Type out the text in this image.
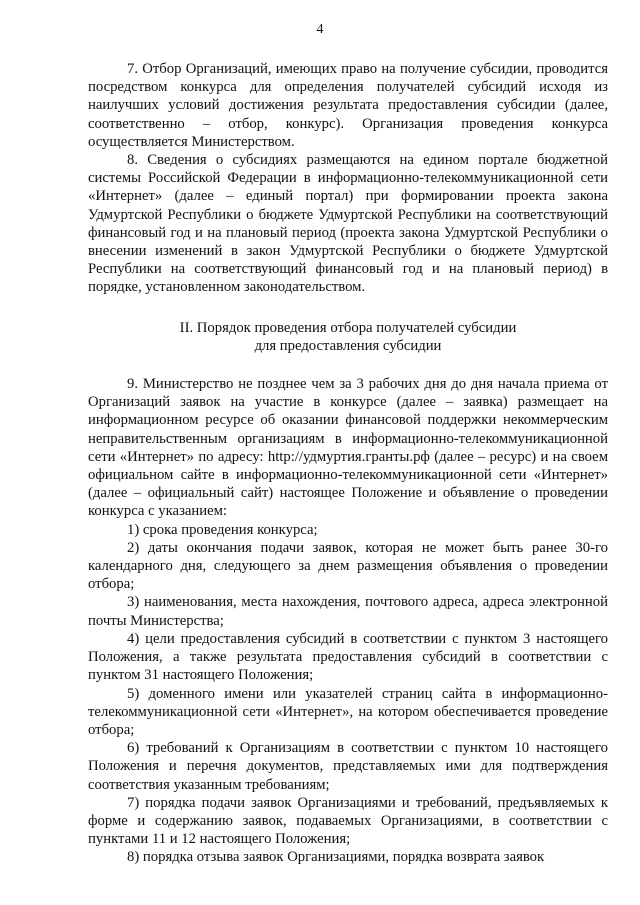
4

7. Отбор Организаций, имеющих право на получение субсидии, проводится посредством конкурса для определения получателей субсидий исходя из наилучших условий достижения результата предоставления субсидии (далее, соответственно – отбор, конкурс). Организация проведения конкурса осуществляется Министерством.

8. Сведения о субсидиях размещаются на едином портале бюджетной системы Российской Федерации в информационно-телекоммуникационной сети «Интернет» (далее – единый портал) при формировании проекта закона Удмуртской Республики о бюджете Удмуртской Республики на соответствующий финансовый год и на плановый период (проекта закона Удмуртской Республики о внесении изменений в закон Удмуртской Республики о бюджете Удмуртской Республики на соответствующий финансовый год и на плановый период) в порядке, установленном законодательством.

II. Порядок проведения отбора получателей субсидии
для предоставления субсидии

9. Министерство не позднее чем за 3 рабочих дня до дня начала приема от Организаций заявок на участие в конкурсе (далее – заявка) размещает на информационном ресурсе об оказании финансовой поддержки некоммерческим неправительственным организациям в информационно-телекоммуникационной сети «Интернет» по адресу: http://удмуртия.гранты.рф (далее – ресурс) и на своем официальном сайте в информационно-телекоммуникационной сети «Интернет» (далее – официальный сайт) настоящее Положение и объявление о проведении конкурса с указанием:

1) срока проведения конкурса;

2) даты окончания подачи заявок, которая не может быть ранее 30-го календарного дня, следующего за днем размещения объявления о проведении отбора;

3) наименования, места нахождения, почтового адреса, адреса электронной почты Министерства;

4) цели предоставления субсидий в соответствии с пунктом 3 настоящего Положения, а также результата предоставления субсидий в соответствии с пунктом 31 настоящего Положения;

5) доменного имени или указателей страниц сайта в информационно-телекоммуникационной сети «Интернет», на котором обеспечивается проведение отбора;

6) требований к Организациям в соответствии с пунктом 10 настоящего Положения и перечня документов, представляемых ими для подтверждения соответствия указанным требованиям;

7) порядка подачи заявок Организациями и требований, предъявляемых к форме и содержанию заявок, подаваемых Организациями, в соответствии с пунктами 11 и 12 настоящего Положения;

8) порядка отзыва заявок Организациями, порядка возврата заявок
